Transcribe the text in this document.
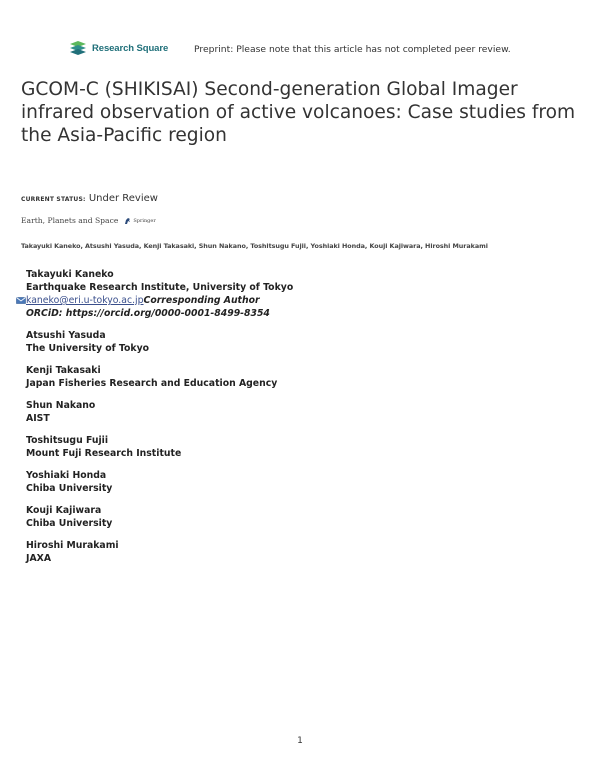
Research Square	Preprint: Please note that this article has not completed peer review.
GCOM-C (SHIKISAI) Second-generation Global Imager infrared observation of active volcanoes: Case studies from the Asia-Pacific region
CURRENT STATUS: Under Review
Earth, Planets and Space	Springer
Takayuki Kaneko, Atsushi Yasuda, Kenji Takasaki, Shun Nakano, Toshitsugu Fujii, Yoshiaki Honda, Kouji Kajiwara, Hiroshi Murakami
Takayuki Kaneko
Earthquake Research Institute, University of Tokyo
kaneko@eri.u-tokyo.ac.jpCorresponding Author
ORCiD: https://orcid.org/0000-0001-8499-8354
Atsushi Yasuda
The University of Tokyo
Kenji Takasaki
Japan Fisheries Research and Education Agency
Shun Nakano
AIST
Toshitsugu Fujii
Mount Fuji Research Institute
Yoshiaki Honda
Chiba University
Kouji Kajiwara
Chiba University
Hiroshi Murakami
JAXA
1
